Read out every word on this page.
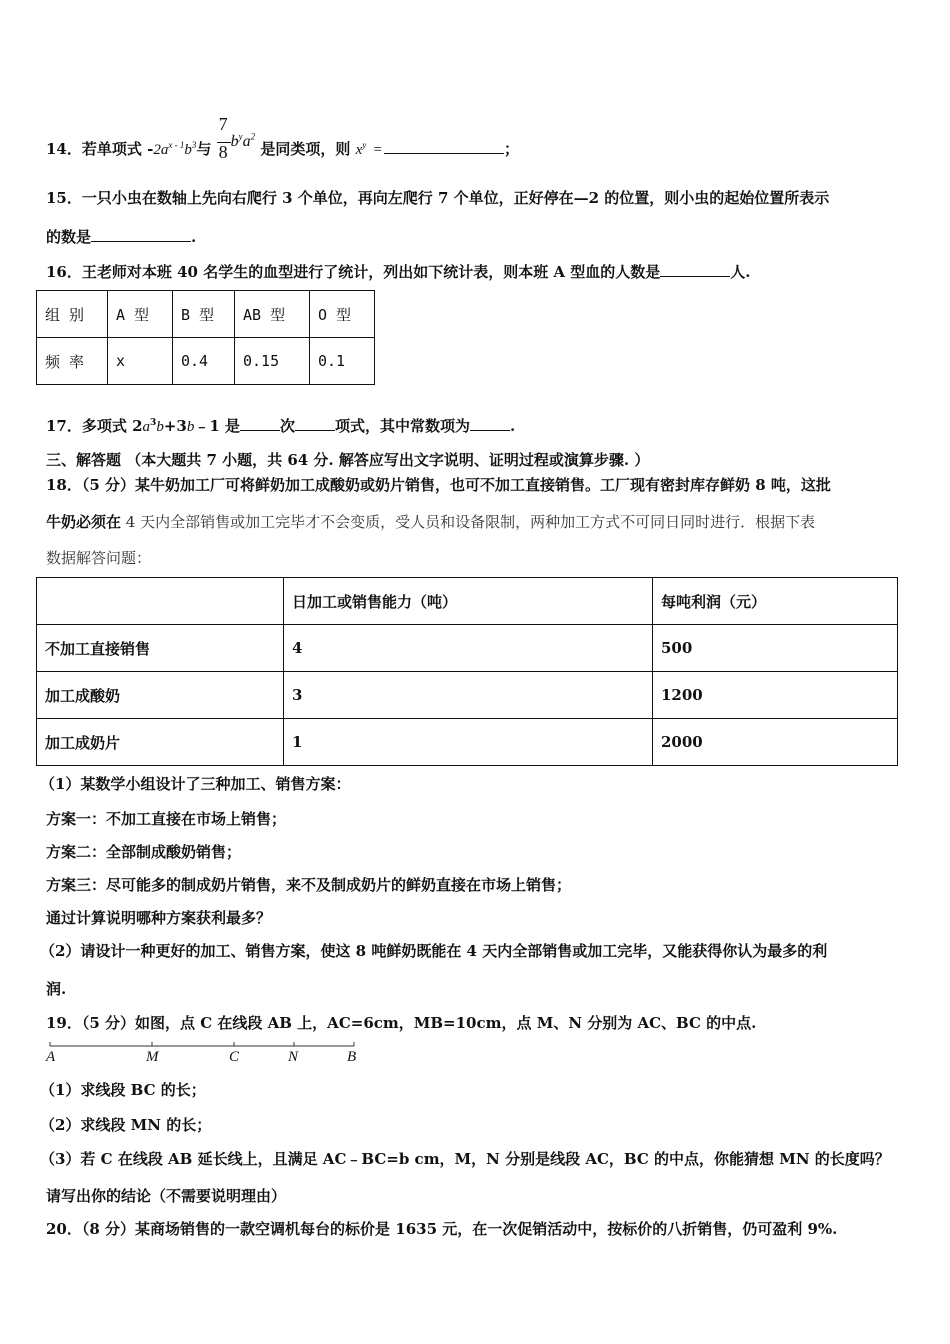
14．若单项式 $-2a^{x - 1}b^3$与 $\frac{7}{8} b^ya^2$ 是同类项，则 $x^y$ =	；
15．一只小虫在数轴上先向右爬行 3 个单位，再向左爬行 7 个单位，正好停在—2 的位置，则小虫的起始位置所表示
的数是	.
16．王老师对本班 40 名学生的血型进行了统计，列出如下统计表，则本班 A 型血的人数是	人.
组 别	A 型	B 型	AB 型	O 型
频 率	x	0.4	0.15	0.1
17．多项式 $2a^3b+3b﹣1$ 是	次	项式，其中常数项为	.
三、解答题 （本大题共 7 小题，共 64 分. 解答应写出文字说明、证明过程或演算步骤. ）
18．（5 分）某牛奶加工厂可将鲜奶加工成酸奶或奶片销售，也可不加工直接销售。工厂现有密封库存鲜奶 8 吨，这批
牛奶必须在 4 天内全部销售或加工完毕才不会变质，受人员和设备限制，两种加工方式不可同日同时进行．根据下表
数据解答问题：
	日加工或销售能力（吨）	每吨利润（元）
不加工直接销售	4	500
加工成酸奶	3	1200
加工成奶片	1	2000
（1）某数学小组设计了三种加工、销售方案：
方案一：不加工直接在市场上销售；
方案二：全部制成酸奶销售；
方案三：尽可能多的制成奶片销售，来不及制成奶片的鲜奶直接在市场上销售；
通过计算说明哪种方案获利最多？
（2）请设计一种更好的加工、销售方案，使这 8 吨鲜奶既能在 4 天内全部销售或加工完毕，又能获得你认为最多的利
润.
19．（5 分）如图，点 C 在线段 AB 上，AC=6cm，MB=10cm，点 M、N 分别为 AC、BC 的中点.
A	M	C	N	B
（1）求线段 BC 的长；
（2）求线段 MN 的长；
（3）若 C 在线段 AB 延长线上，且满足 AC﹣BC=b cm，M，N 分别是线段 AC，BC 的中点，你能猜想 MN 的长度吗？
请写出你的结论（不需要说明理由）
20．（8 分）某商场销售的一款空调机每台的标价是 1635 元，在一次促销活动中，按标价的八折销售，仍可盈利 9%.
